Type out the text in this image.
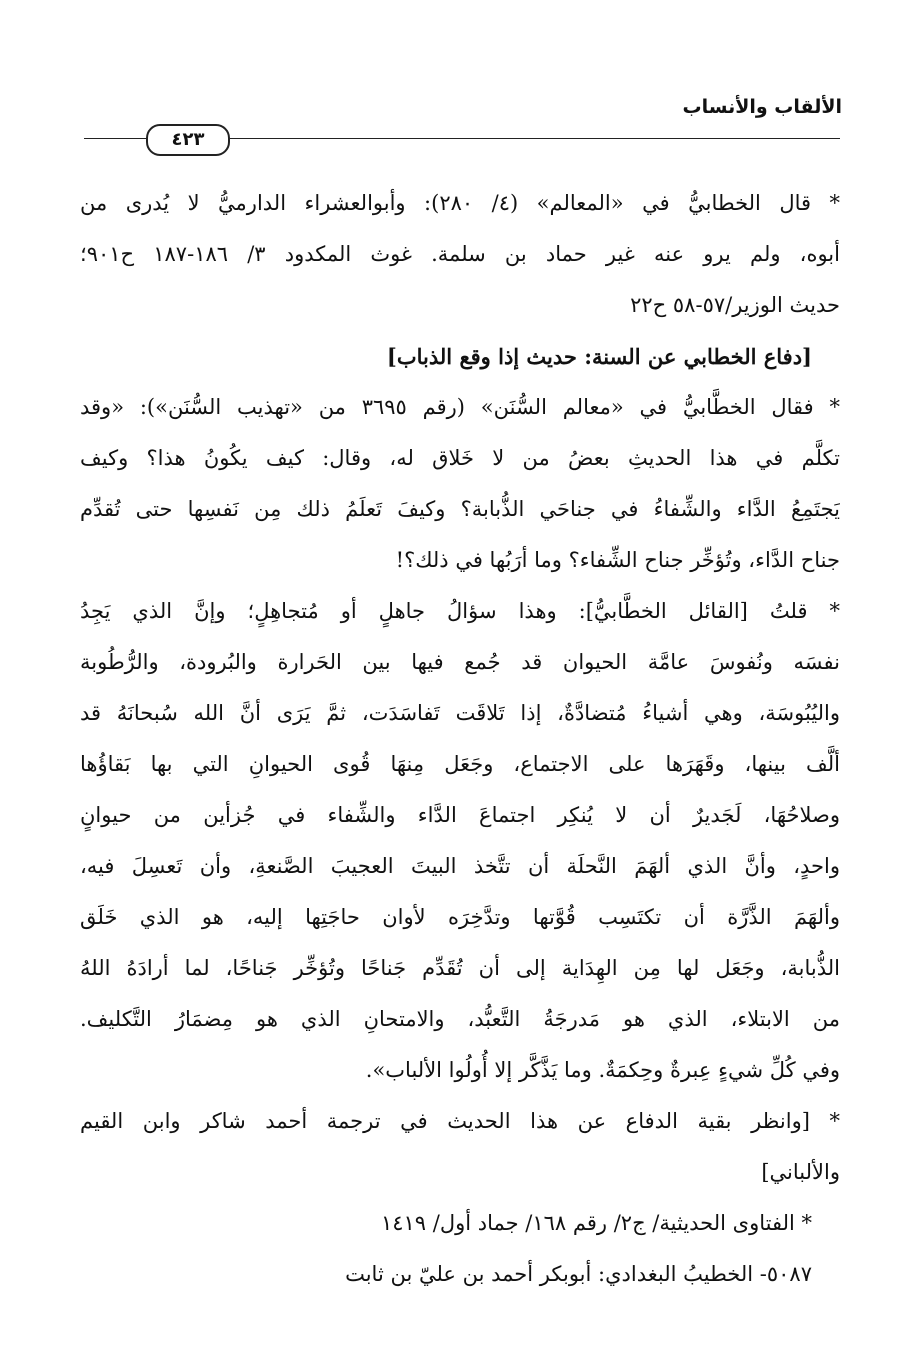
الألقاب والأنساب
٤٢٣
* قال الخطابيُّ في «المعالم» (٤/ ٢٨٠): وأبوالعشراء الدارميُّ لا يُدرى من
أبوه، ولم يرو عنه غير حماد بن سلمة. غوث المكدود ٣/ ١٨٦-١٨٧ ح٩٠١؛
حديث الوزير/٥٧-٥٨ ح٢٢
[دفاع الخطابي عن السنة: حديث إذا وقع الذباب]
* فقال الخطَّابيُّ في «معالم السُّنَن» (رقم ٣٦٩٥ من «تهذيب السُّنَن»): «وقد
تكلَّم في هذا الحديثِ بعضُ من لا خَلاق له، وقال: كيف يكُونُ هذا؟ وكيف
يَجتَمِعُ الدَّاء والشِّفاءُ في جناحَي الذُّبابة؟ وكيفَ تَعلَمُ ذلك مِن نَفسِها حتى تُقدِّم
جناح الدَّاء، وتُؤخِّر جناح الشِّفاء؟ وما أرَبُها في ذلك؟!
* قلتُ [القائل الخطَّابيُّ]: وهذا سؤالُ جاهلٍ أو مُتجاهِلٍ؛ وإنَّ الذي يَجِدُ
نفسَه ونُفوسَ عامَّة الحيوان قد جُمع فيها بين الحَرارة والبُرودة، والرُّطُوبة
واليُبُوسَة، وهي أشياءُ مُتضادَّةٌ، إذا تَلاقَت تَفاسَدَت، ثمَّ يَرَى أنَّ الله سُبحانَهُ قد
ألَّف بينها، وقَهَرَها على الاجتماع، وجَعَل مِنهَا قُوى الحيوانِ التي بها بَقاؤُها
وصلاحُهَا، لَجَديرٌ أن لا يُنكِر اجتماعَ الدَّاء والشِّفاء في جُزأين من حيوانٍ
واحدٍ، وأنَّ الذي ألهَمَ النَّحلَة أن تتَّخذ البيتَ العجيبَ الصَّنعةِ، وأن تَعسِلَ فيه،
وألهَمَ الذَّرَّة أن تكتَسِب قُوَّتها وتدَّخِرَه لأوان حاجَتِها إليه، هو الذي خَلَق
الذُّبابة، وجَعَل لها مِن الهِدَاية إلى أن تُقَدِّم جَناحًا وتُؤخِّر جَناحًا، لما أرادَهُ اللهُ
من الابتلاء، الذي هو مَدرجَةُ التَّعبُّد، والامتحانِ الذي هو مِضمَارُ التَّكليف.
وفي كُلِّ شيءٍ عِبرةٌ وحِكمَةٌ. وما يَذَّكَّر إلا أُولُوا الألباب».
* [وانظر بقية الدفاع عن هذا الحديث في ترجمة أحمد شاكر وابن القيم
والألباني]
* الفتاوى الحديثية/ ج٢/ رقم ١٦٨/ جماد أول/ ١٤١٩
٥٠٨٧- الخطيبُ البغدادي: أبوبكر أحمد بن عليّ بن ثابت
